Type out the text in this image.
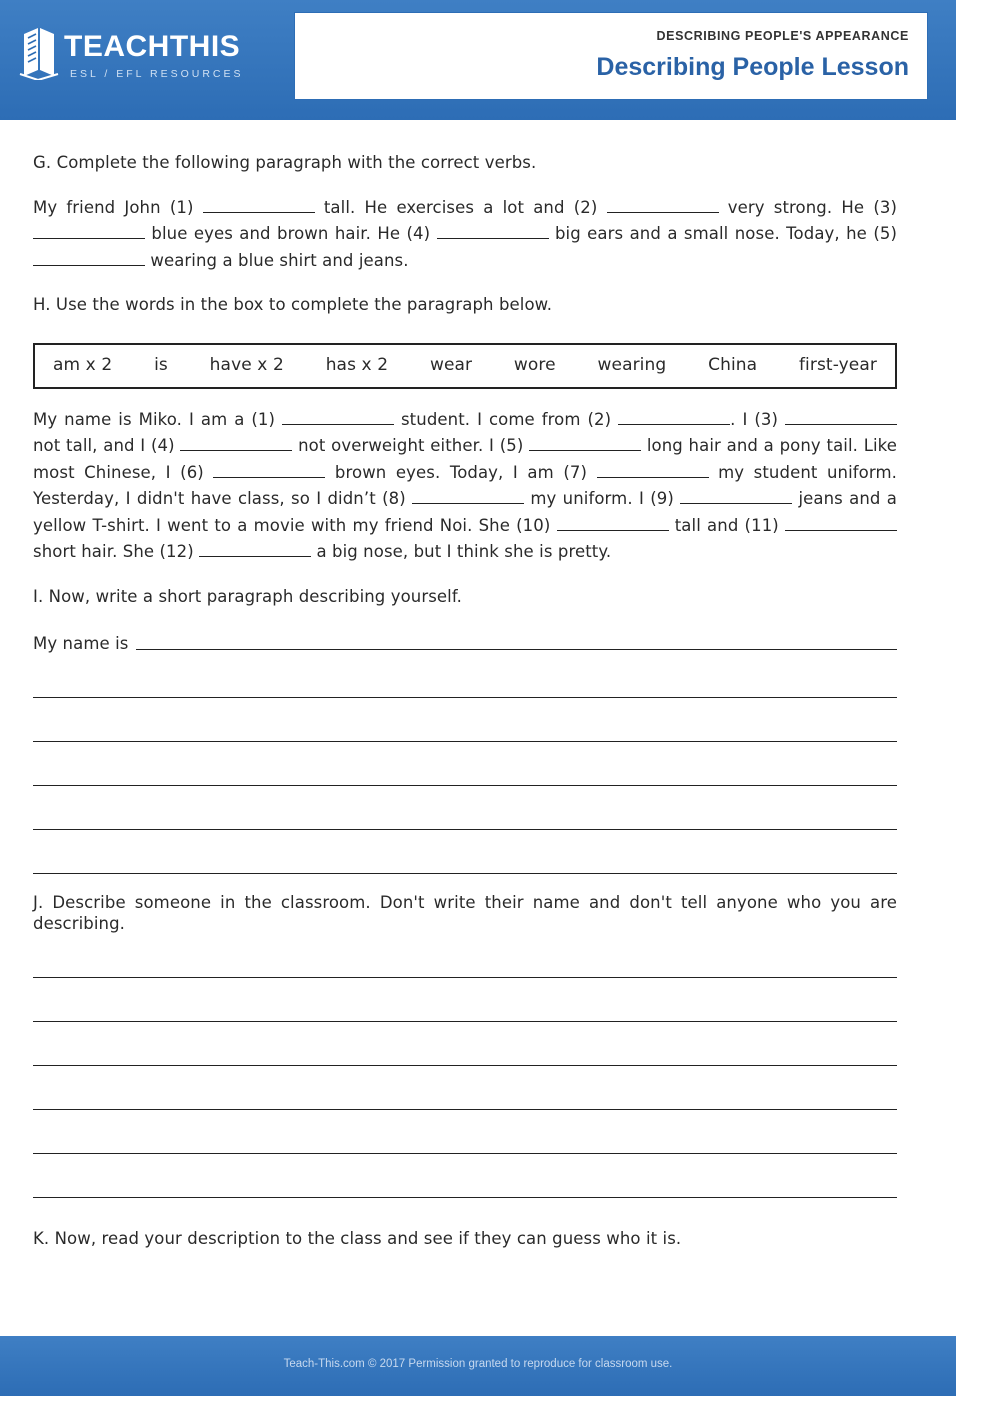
TEACHTHIS
ESL / EFL RESOURCES
DESCRIBING PEOPLE'S APPEARANCE
Describing People Lesson

G. Complete the following paragraph with the correct verbs.

My friend John (1)	tall. He exercises a lot and (2)	very strong. He (3)  blue eyes and brown hair. He (4)	big ears and a small nose. Today, he (5)  wearing a blue shirt and jeans.

H. Use the words in the box to complete the paragraph below.

am x 2 is have x 2 has x 2 wear wore wearing China first-year

My name is Miko. I am a (1)	student. I come from (2)	. I (3)  not tall, and I (4)	not overweight either. I (5)	long hair and a pony tail. Like most Chinese, I (6)	brown eyes. Today, I am (7)	my student uniform. Yesterday, I didn't have class, so I didn’t (8)	my uniform. I (9)	jeans and a yellow T-shirt. I went to a movie with my friend Noi. She (10)	tall and (11)  short hair. She (12)	a big nose, but I think she is pretty.

I. Now, write a short paragraph describing yourself.

My name is

J. Describe someone in the classroom. Don't write their name and don't tell anyone who you are describing.

K. Now, read your description to the class and see if they can guess who it is.

Teach-This.com © 2017 Permission granted to reproduce for classroom use.
